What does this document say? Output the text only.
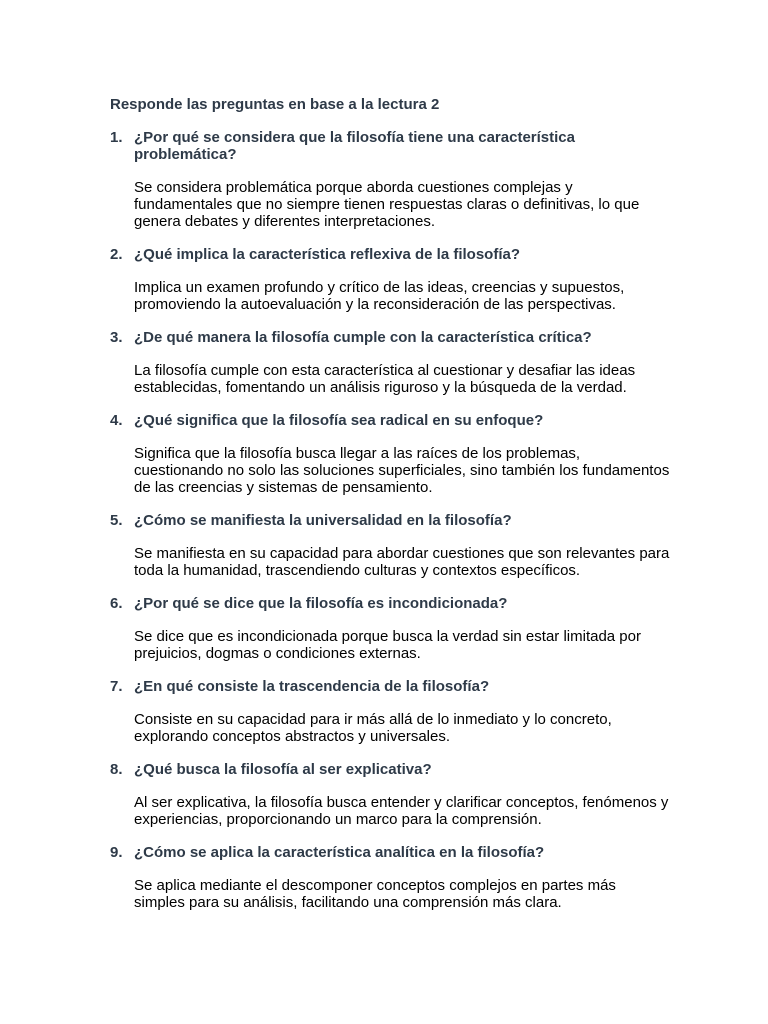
Responde las preguntas en base a la lectura 2
1. ¿Por qué se considera que la filosofía tiene una característica problemática?

Se considera problemática porque aborda cuestiones complejas y fundamentales que no siempre tienen respuestas claras o definitivas, lo que genera debates y diferentes interpretaciones.

2. ¿Qué implica la característica reflexiva de la filosofía?

Implica un examen profundo y crítico de las ideas, creencias y supuestos, promoviendo la autoevaluación y la reconsideración de las perspectivas.

3. ¿De qué manera la filosofía cumple con la característica crítica?

La filosofía cumple con esta característica al cuestionar y desafiar las ideas establecidas, fomentando un análisis riguroso y la búsqueda de la verdad.

4. ¿Qué significa que la filosofía sea radical en su enfoque?

Significa que la filosofía busca llegar a las raíces de los problemas, cuestionando no solo las soluciones superficiales, sino también los fundamentos de las creencias y sistemas de pensamiento.

5. ¿Cómo se manifiesta la universalidad en la filosofía?

Se manifiesta en su capacidad para abordar cuestiones que son relevantes para toda la humanidad, trascendiendo culturas y contextos específicos.

6. ¿Por qué se dice que la filosofía es incondicionada?

Se dice que es incondicionada porque busca la verdad sin estar limitada por prejuicios, dogmas o condiciones externas.

7. ¿En qué consiste la trascendencia de la filosofía?

Consiste en su capacidad para ir más allá de lo inmediato y lo concreto, explorando conceptos abstractos y universales.

8. ¿Qué busca la filosofía al ser explicativa?

Al ser explicativa, la filosofía busca entender y clarificar conceptos, fenómenos y experiencias, proporcionando un marco para la comprensión.

9. ¿Cómo se aplica la característica analítica en la filosofía?

Se aplica mediante el descomponer conceptos complejos en partes más simples para su análisis, facilitando una comprensión más clara.
